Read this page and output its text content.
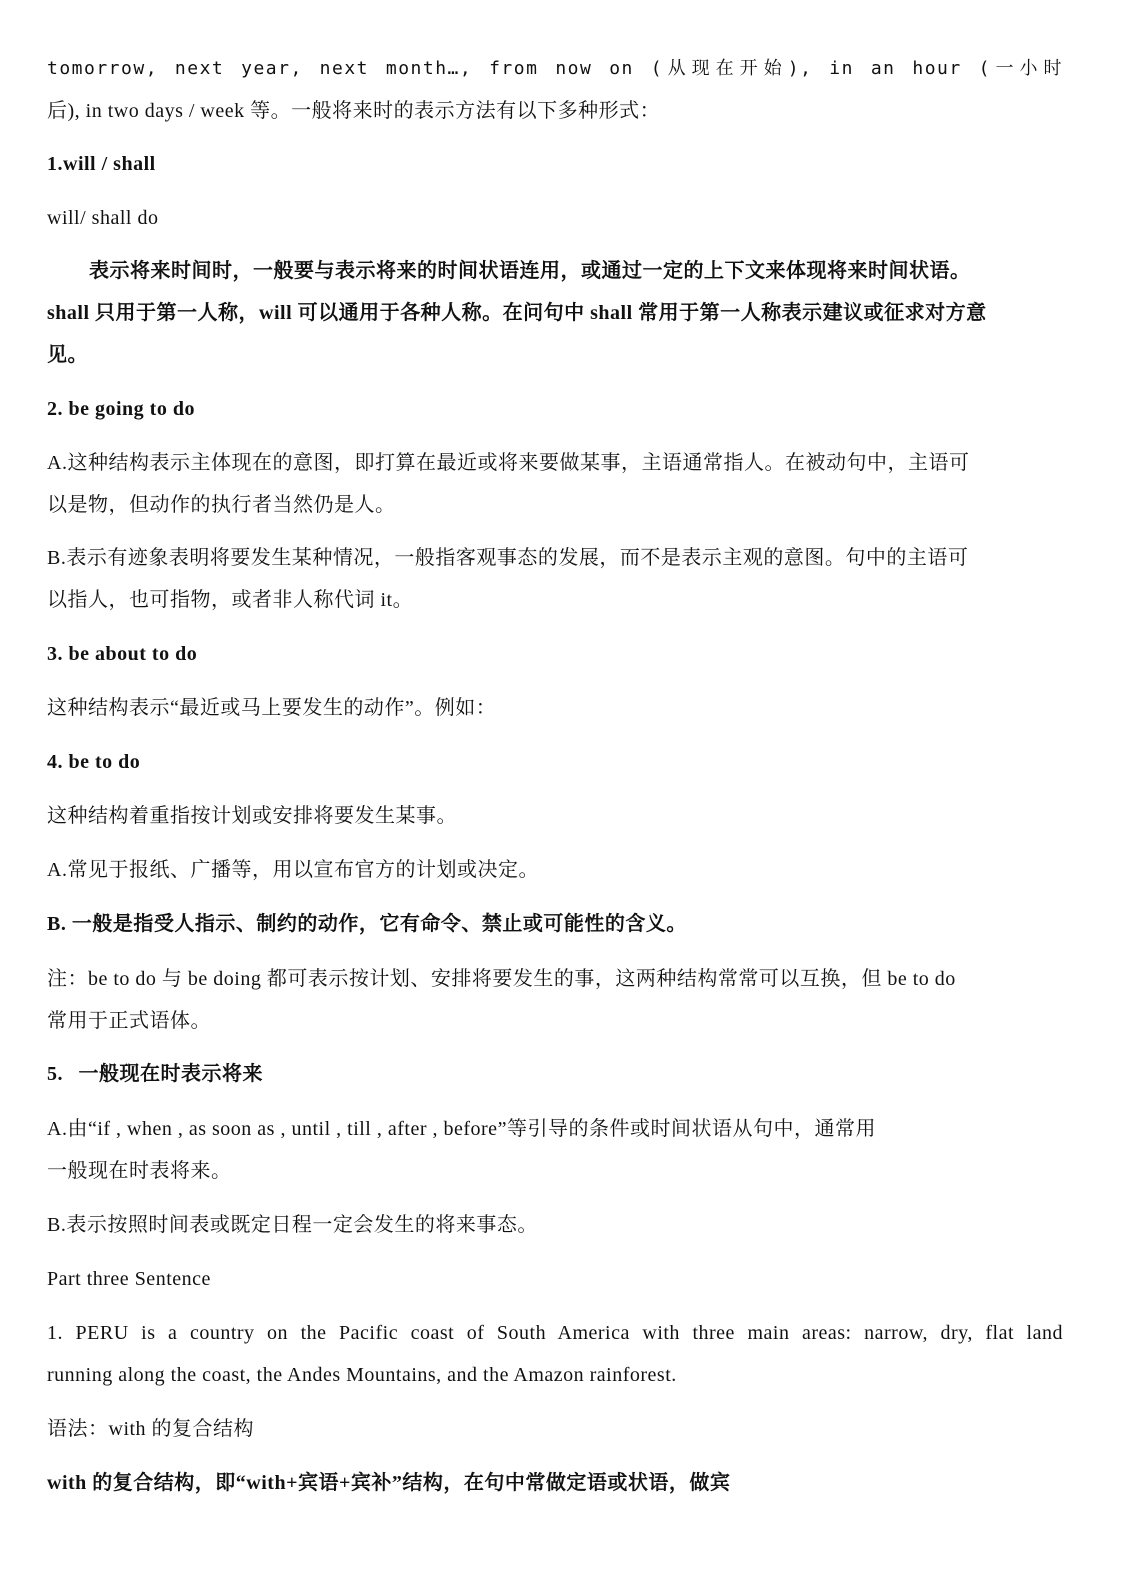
tomorrow, next year, next month…, from now on (从现在开始), in an hour (一小时
后), in two days / week 等。一般将来时的表示方法有以下多种形式：
1.will / shall
will/ shall do
表示将来时间时，一般要与表示将来的时间状语连用，或通过一定的上下文来体现将来时间状语。
shall 只用于第一人称，will 可以通用于各种人称。在问句中 shall 常用于第一人称表示建议或征求对方意
见。
2. be going to do
A.这种结构表示主体现在的意图，即打算在最近或将来要做某事，主语通常指人。在被动句中，主语可
以是物，但动作的执行者当然仍是人。
B.表示有迹象表明将要发生某种情况，一般指客观事态的发展，而不是表示主观的意图。句中的主语可
以指人，也可指物，或者非人称代词 it。
3. be about to do
这种结构表示“最近或马上要发生的动作”。例如：
4. be to do
这种结构着重指按计划或安排将要发生某事。
A.常见于报纸、广播等，用以宣布官方的计划或决定。
B. 一般是指受人指示、制约的动作，它有命令、禁止或可能性的含义。
注：be to do 与 be doing 都可表示按计划、安排将要发生的事，这两种结构常常可以互换，但 be to do
常用于正式语体。
5. 一般现在时表示将来
A.由“if , when , as soon as , until , till , after , before”等引导的条件或时间状语从句中，通常用
一般现在时表将来。
B.表示按照时间表或既定日程一定会发生的将来事态。
Part three Sentence
1. PERU is a country on the Pacific coast of South America with three main areas: narrow, dry, flat land
running along the coast, the Andes Mountains, and the Amazon rainforest.
语法：with 的复合结构
with 的复合结构，即“with+宾语+宾补”结构，在句中常做定语或状语，做宾
